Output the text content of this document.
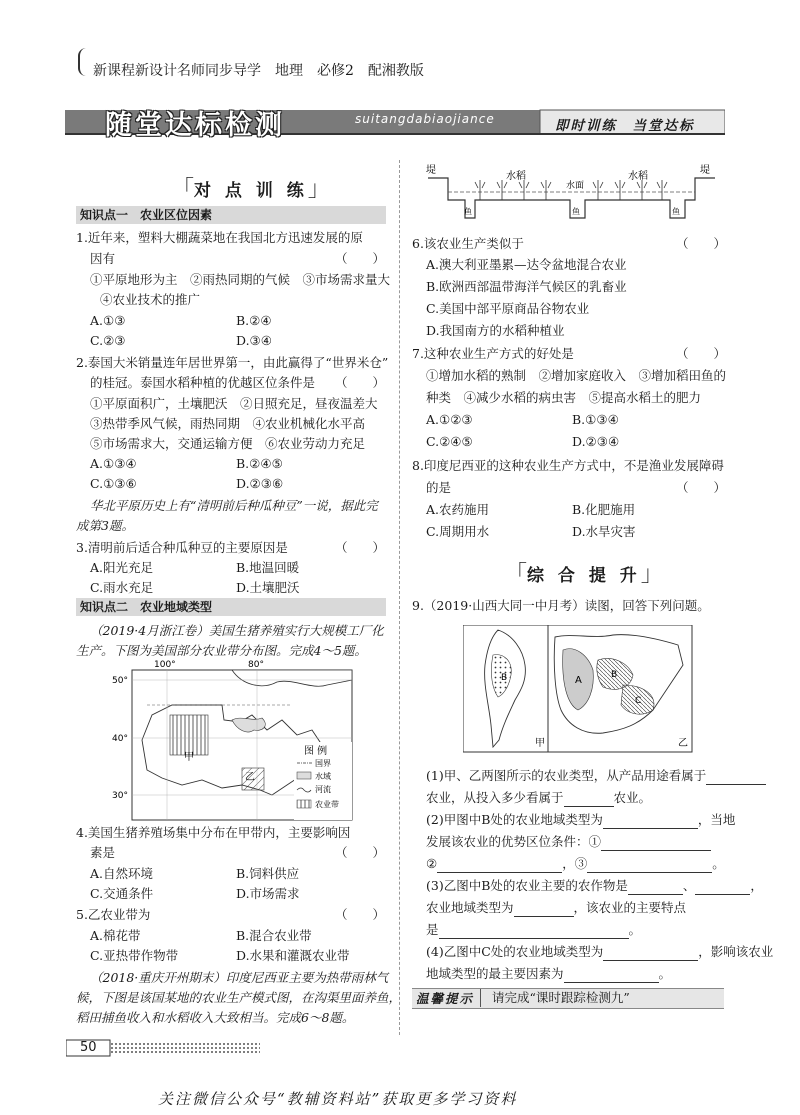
新课程新设计名师同步导学　地理　必修2　配湘教版
随堂达标检测	suitangdabiaojiance	即时训练　当堂达标
「对 点 训 练」
知识点一　农业区位因素
1.近年来，塑料大棚蔬菜地在我国北方迅速发展的原
因有	（　　）
①平原地形为主　②雨热同期的气候　③市场需求量大
④农业技术的推广
A.①③	B.②④
C.②③	D.③④
2.泰国大米销量连年居世界第一，由此赢得了“世界米仓”
的桂冠。泰国水稻种植的优越区位条件是 （　　）
①平原面积广，土壤肥沃　②日照充足，昼夜温差大
③热带季风气候，雨热同期　④农业机械化水平高
⑤市场需求大，交通运输方便　⑥农业劳动力充足
A.①③④	B.②④⑤
C.①③⑥	D.②③⑥
华北平原历史上有“清明前后种瓜种豆”一说，据此完
成第3题。
3.清明前后适合种瓜种豆的主要原因是	（　　）
A.阳光充足	B.地温回暖
C.雨水充足	D.土壤肥沃
知识点二　农业地域类型
（2019·4月浙江卷）美国生猪养殖实行大规模工厂化
生产。下图为美国部分农业带分布图。完成4～5题。
100°	80°
50°
40°
30°
甲
乙
图 例
国界
水域
河流
农业带
4.美国生猪养殖场集中分布在甲带内，主要影响因
素是	（　　）
A.自然环境	B.饲料供应
C.交通条件	D.市场需求
5.乙农业带为	（　　）
A.棉花带	B.混合农业带
C.亚热带作物带	D.水果和灌溉农业带
（2018·重庆开州期末）印度尼西亚主要为热带雨林气
候，下图是该国某地的农业生产模式图，在沟渠里面养鱼，
稻田捕鱼收入和水稻收入大致相当。完成6～8题。
50
堤	堤
水稻
水面
水稻
鱼	鱼	鱼
6.该农业生产类似于	（　　）
A.澳大利亚墨累—达令盆地混合农业
B.欧洲西部温带海洋气候区的乳畜业
C.美国中部平原商品谷物农业
D.我国南方的水稻种植业
7.这种农业生产方式的好处是	（　　）
①增加水稻的熟制　②增加家庭收入　③增加稻田鱼的
种类　④减少水稻的病虫害　⑤提高水稻土的肥力
A.①②③	B.①③④
C.②④⑤	D.②③④
8.印度尼西亚的这种农业生产方式中，不是渔业发展障碍
的是	（　　）
A.农药施用	B.化肥施用
C.周期用水	D.水旱灾害
「综 合 提 升」
9.（2019·山西大同一中月考）读图，回答下列问题。
甲	乙
A	B
C
B
(1)甲、乙两图所示的农业类型，从产品用途看属于
农业，从投入多少看属于	农业。
(2)甲图中B处的农业地域类型为	，当地
发展该农业的优势区位条件：①
②	，③	。
(3)乙图中B处的农业主要的农作物是	、	，
农业地域类型为	，该农业的主要特点
是	。
(4)乙图中C处的农业地域类型为	，影响该农业
地域类型的最主要因素为	。
温馨提示	请完成“课时跟踪检测九”
关注微信公众号“教辅资料站”获取更多学习资料
